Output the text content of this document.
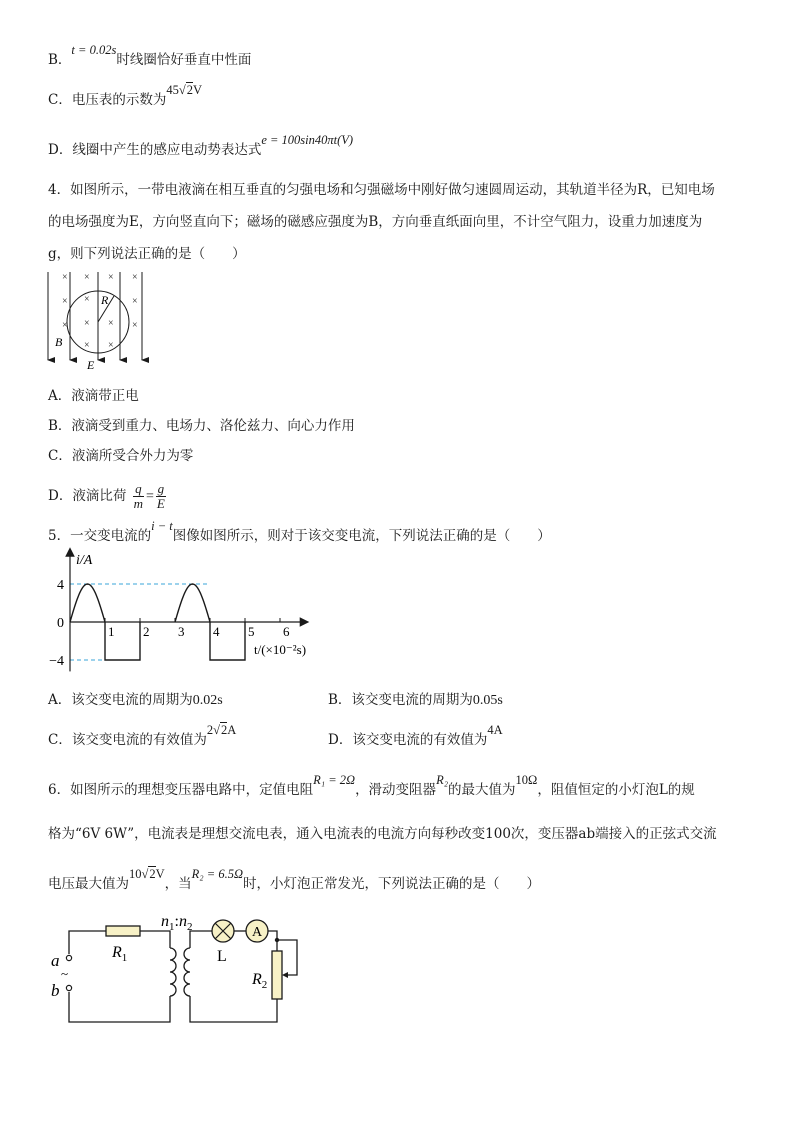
B．t = 0.02s时线圈恰好垂直中性面
C．电压表的示数为45√2V
D．线圈中产生的感应电动势表达式e = 100sin40πt(V)
4．如图所示，一带电液滴在相互垂直的匀强电场和匀强磁场中刚好做匀速圆周运动，其轨道半径为R，已知电场
的电场强度为E，方向竖直向下；磁场的磁感应强度为B，方向垂直纸面向里，不计空气阻力，设重力加速度为
g，则下列说法正确的是（　　）
× × × ×
× ×	×
× × × ×
× ×
R
B
E
A．液滴带正电
B．液滴受到重力、电场力、洛伦兹力、向心力作用
C．液滴所受合外力为零
D．液滴比荷 $\frac{q}{m} = \frac{g}{E}$
5．一交变电流的i − t图像如图所示，则对于该交变电流，下列说法正确的是（　　）
i/A
t/(×10⁻²s)
4
0
−4
1 2 3 4 5 6
A．该交变电流的周期为0.02s	B．该交变电流的周期为0.05s
C．该交变电流的有效值为2√2A
D．该交变电流的有效值为4A
6．如图所示的理想变压器电路中，定值电阻R₁ = 2Ω，滑动变阻器R₂的最大值为10Ω，阻值恒定的小灯泡L的规
格为“6V 6W”，电流表是理想交流电表，通入电流表的电流方向每秒改变100次，变压器ab端接入的正弦式交流
电压最大值为10√2V，当R₂ = 6.5Ω时，小灯泡正常发光，下列说法正确的是（　　）
A
a
~
b
$R_1$
$n_1:n_2$
L
$R_2$
